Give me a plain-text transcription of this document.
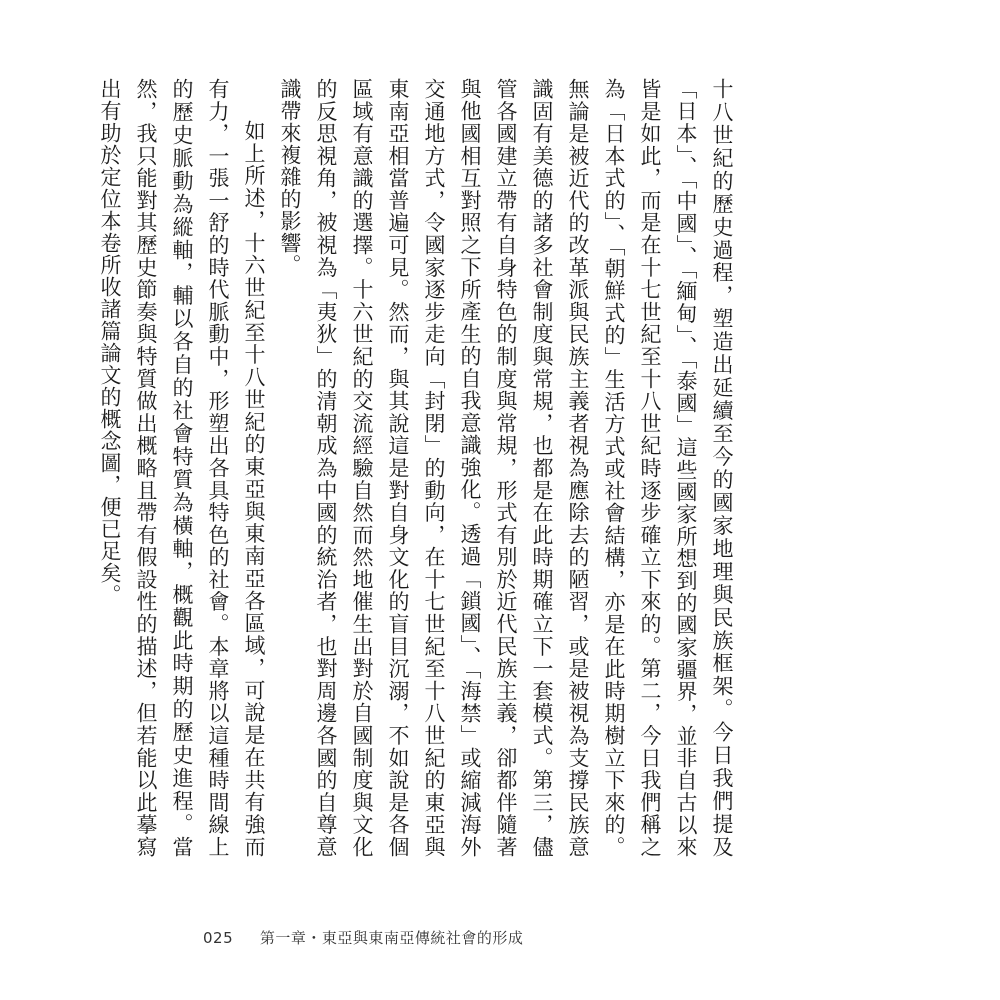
十八世紀的歷史過程，塑造出延續至今的國家地理與民族框架。今日我們提及「日本」、「中國」、「緬甸」、「泰國」這些國家所想到的國家疆界，並非自古以來皆是如此，而是在十七世紀至十八世紀時逐步確立下來的。第二，今日我們稱之為「日本式的」、「朝鮮式的」生活方式或社會結構，亦是在此時期樹立下來的。無論是被近代的改革派與民族主義者視為應除去的陋習，或是被視為支撐民族意識固有美德的諸多社會制度與常規，也都是在此時期確立下一套模式。第三，儘管各國建立帶有自身特色的制度與常規，形式有別於近代民族主義，卻都伴隨著與他國相互對照之下所產生的自我意識強化。透過「鎖國」、「海禁」或縮減海外交通地方式，令國家逐步走向「封閉」的動向，在十七世紀至十八世紀的東亞與東南亞相當普遍可見。然而，與其說這是對自身文化的盲目沉溺，不如說是各個區域有意識的選擇。十六世紀的交流經驗自然而然地催生出對於自國制度與文化的反思視角，被視為「夷狄」的清朝成為中國的統治者，也對周邊各國的自尊意識帶來複雜的影響。

如上所述，十六世紀至十八世紀的東亞與東南亞各區域，可說是在共有強而有力，一張一舒的時代脈動中，形塑出各具特色的社會。本章將以這種時間線上的歷史脈動為縱軸，輔以各自的社會特質為橫軸，概觀此時期的歷史進程。當然，我只能對其歷史節奏與特質做出概略且帶有假設性的描述，但若能以此摹寫出有助於定位本卷所收諸篇論文的概念圖，便已足矣。

025 第一章・東亞與東南亞傳統社會的形成
